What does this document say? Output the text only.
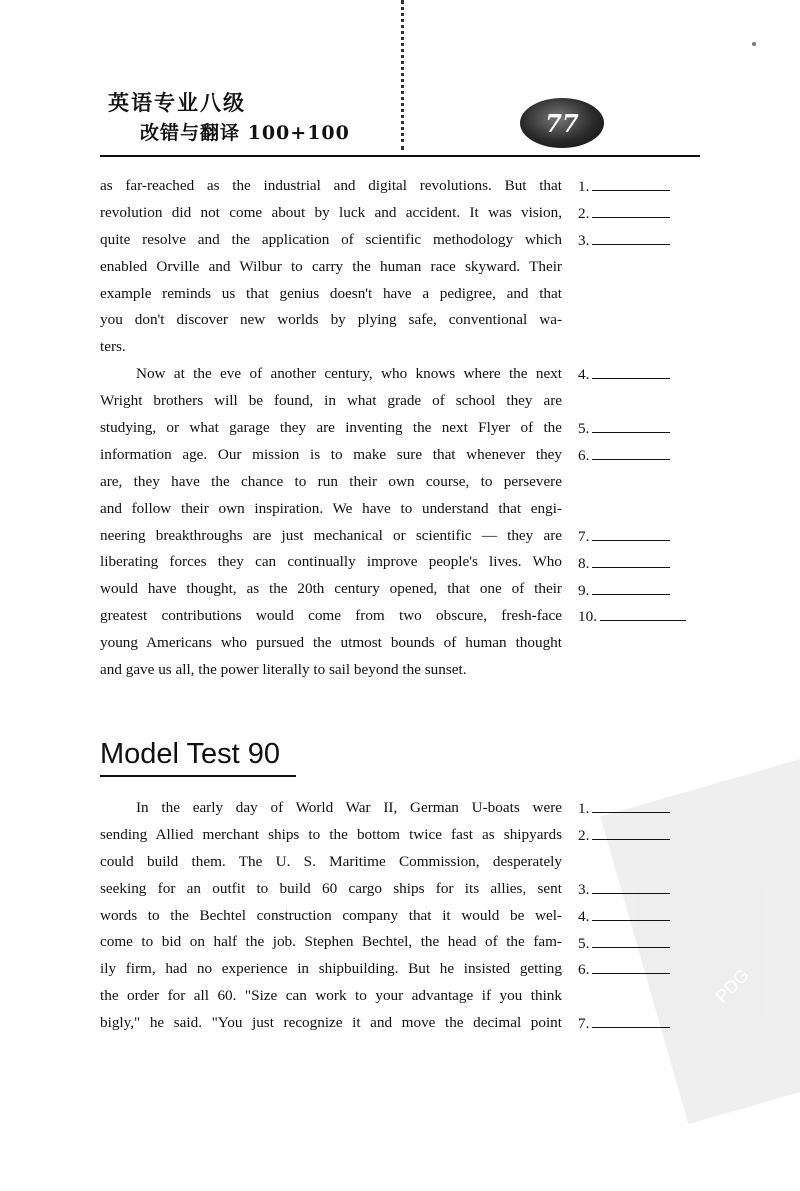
PDG
英语专业八级
改错与翻译 100+100	77
as far-reached as the industrial and digital revolutions. But that
revolution did not come about by luck and accident. It was vision,
quite resolve and the application of scientific methodology which
enabled Orville and Wilbur to carry the human race skyward. Their
example reminds us that genius doesn't have a pedigree, and that
you don't discover new worlds by plying safe, conventional wa-
ters.
Now at the eve of another century, who knows where the next
Wright brothers will be found, in what grade of school they are
studying, or what garage they are inventing the next Flyer of the
information age. Our mission is to make sure that whenever they
are, they have the chance to run their own course, to persevere
and follow their own inspiration. We have to understand that engi-
neering breakthroughs are just mechanical or scientific — they are
liberating forces they can continually improve people's lives. Who
would have thought, as the 20th century opened, that one of their
greatest contributions would come from two obscure, fresh-face
young Americans who pursued the utmost bounds of human thought
and gave us all, the power literally to sail beyond the sunset.
1.
2.
3.
4.
5.
6.
7.
8.
9.
10.
Model Test 90
In the early day of World War II, German U-boats were
sending Allied merchant ships to the bottom twice fast as shipyards
could build them. The U. S. Maritime Commission, desperately
seeking for an outfit to build 60 cargo ships for its allies, sent
words to the Bechtel construction company that it would be wel-
come to bid on half the job. Stephen Bechtel, the head of the fam-
ily firm, had no experience in shipbuilding. But he insisted getting
the order for all 60. "Size can work to your advantage if you think
bigly," he said. "You just recognize it and move the decimal point
1.
2.
3.
4.
5.
6.
7.
